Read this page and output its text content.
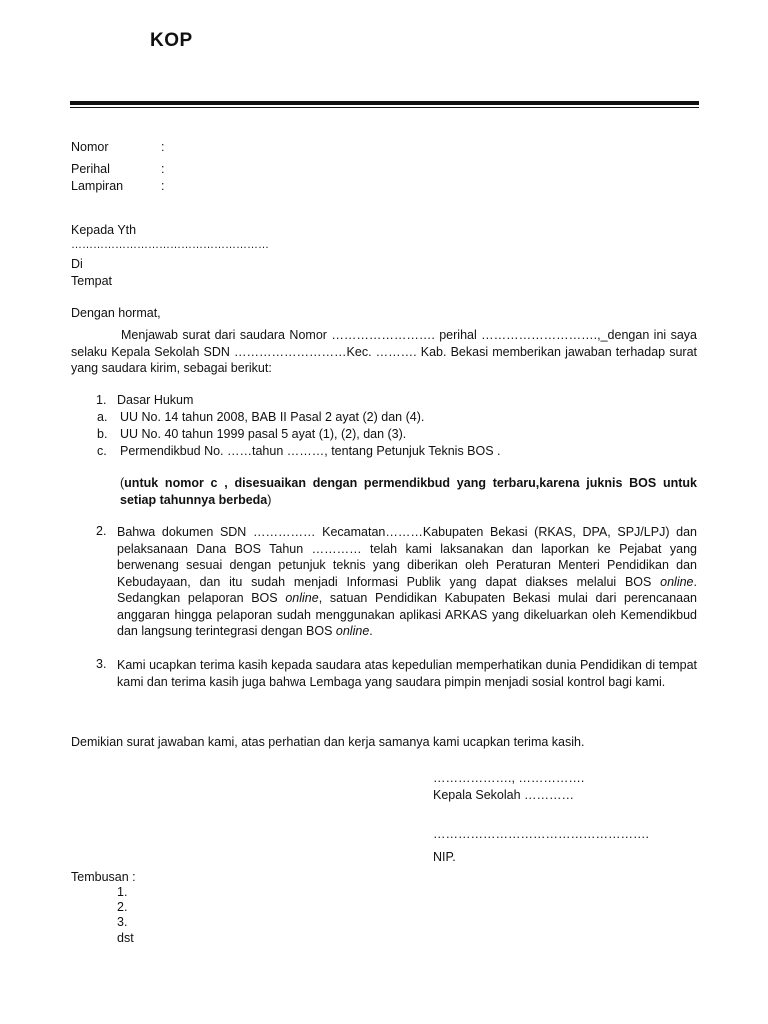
KOP
Nomor	:
Perihal	:
Lampiran	:
Kepada Yth
………………………………………………
Di
Tempat
Dengan hormat,
Menjawab surat dari saudara Nomor ……………………. perihal ……………………….,_dengan ini saya selaku Kepala Sekolah SDN ………………………Kec. ………. Kab. Bekasi memberikan jawaban terhadap surat yang saudara kirim, sebagai berikut:
1. Dasar Hukum
a. UU No. 14 tahun 2008, BAB II Pasal 2 ayat (2) dan (4).
b. UU No. 40 tahun 1999 pasal 5 ayat (1), (2), dan (3).
c. Permendikbud No. ……tahun ………, tentang Petunjuk Teknis BOS .
(untuk nomor c , disesuaikan dengan permendikbud yang terbaru,karena juknis BOS untuk setiap tahunnya berbeda)
2. Bahwa dokumen SDN …………… Kecamatan………Kabupaten Bekasi (RKAS, DPA, SPJ/LPJ) dan pelaksanaan Dana BOS Tahun ………… telah kami laksanakan dan laporkan ke Pejabat yang berwenang sesuai dengan petunjuk teknis yang diberikan oleh Peraturan Menteri Pendidikan dan Kebudayaan, dan itu sudah menjadi Informasi Publik yang dapat diakses melalui BOS online. Sedangkan pelaporan BOS online, satuan Pendidikan Kabupaten Bekasi mulai dari perencanaan anggaran hingga pelaporan sudah menggunakan aplikasi ARKAS yang dikeluarkan oleh Kemendikbud dan langsung terintegrasi dengan BOS online.
3. Kami ucapkan terima kasih kepada saudara atas kepedulian memperhatikan dunia Pendidikan di tempat kami dan terima kasih juga bahwa Lembaga yang saudara pimpin menjadi sosial kontrol bagi kami.
Demikian surat jawaban kami, atas perhatian dan kerja samanya kami ucapkan terima kasih.
………………., …………….
Kepala Sekolah …………
…………………………………………….
NIP.
Tembusan :
1.
2.
3.
dst
